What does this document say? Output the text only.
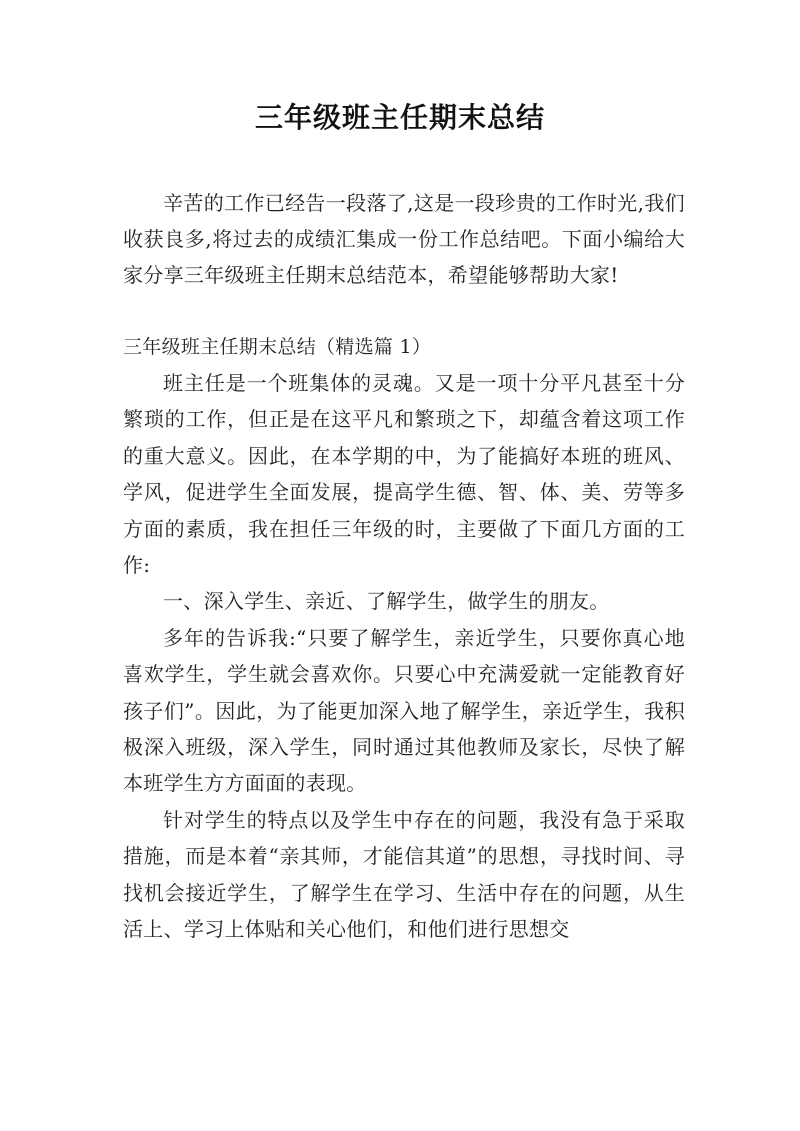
三年级班主任期末总结

辛苦的工作已经告一段落了,这是一段珍贵的工作时光,我们收获良多,将过去的成绩汇集成一份工作总结吧。下面小编给大家分享三年级班主任期末总结范本，希望能够帮助大家!

三年级班主任期末总结（精选篇 1）

班主任是一个班集体的灵魂。又是一项十分平凡甚至十分繁琐的工作，但正是在这平凡和繁琐之下，却蕴含着这项工作的重大意义。因此，在本学期的中，为了能搞好本班的班风、学风，促进学生全面发展，提高学生德、智、体、美、劳等多方面的素质，我在担任三年级的时，主要做了下面几方面的工作:

一、深入学生、亲近、了解学生，做学生的朋友。

多年的告诉我:“只要了解学生，亲近学生，只要你真心地喜欢学生，学生就会喜欢你。只要心中充满爱就一定能教育好孩子们”。因此，为了能更加深入地了解学生，亲近学生，我积极深入班级，深入学生，同时通过其他教师及家长，尽快了解本班学生方方面面的表现。

针对学生的特点以及学生中存在的问题，我没有急于采取措施，而是本着“亲其师，才能信其道”的思想，寻找时间、寻找机会接近学生，了解学生在学习、生活中存在的问题，从生活上、学习上体贴和关心他们，和他们进行思想交
